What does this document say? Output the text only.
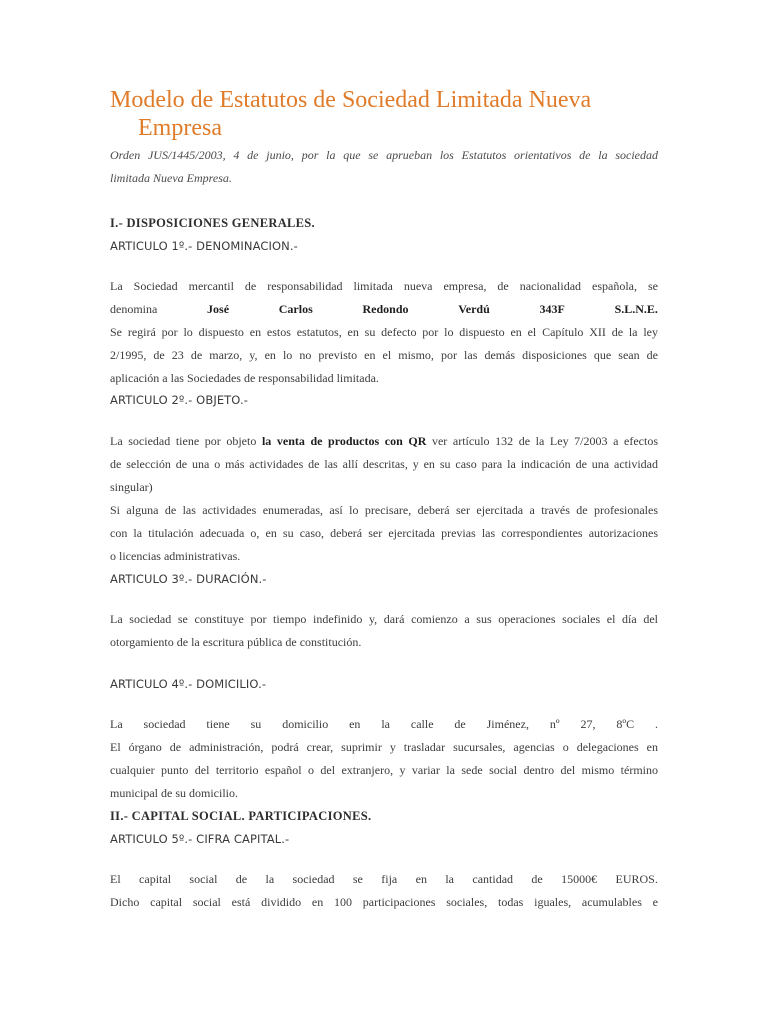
Modelo de Estatutos de Sociedad Limitada Nueva
Empresa

Orden JUS/1445/2003, 4 de junio, por la que se aprueban los Estatutos orientativos de la sociedad
limitada Nueva Empresa.

I.- DISPOSICIONES GENERALES.
ARTICULO 1º.- DENOMINACION.-
La Sociedad mercantil de responsabilidad limitada nueva empresa, de nacionalidad española, se
denomina	José	Carlos	Redondo	Verdú	343F	S.L.N.E.
Se regirá por lo dispuesto en estos estatutos, en su defecto por lo dispuesto en el Capítulo XII de la ley
2/1995, de 23 de marzo, y, en lo no previsto en el mismo, por las demás disposiciones que sean de
aplicación a las Sociedades de responsabilidad limitada.
ARTICULO 2º.- OBJETO.-
La sociedad tiene por objeto la venta de productos con QR ver artículo 132 de la Ley 7/2003 a efectos
de selección de una o más actividades de las allí descritas, y en su caso para la indicación de una actividad
singular)
Si alguna de las actividades enumeradas, así lo precisare, deberá ser ejercitada a través de profesionales
con la titulación adecuada o, en su caso, deberá ser ejercitada previas las correspondientes autorizaciones
o licencias administrativas.
ARTICULO 3º.- DURACIÓN.-
La sociedad se constituye por tiempo indefinido y, dará comienzo a sus operaciones sociales el día del
otorgamiento de la escritura pública de constitución.
ARTICULO 4º.- DOMICILIO.-
La sociedad tiene su domicilio en la calle de Jiménez, nº 27, 8ºC .
El órgano de administración, podrá crear, suprimir y trasladar sucursales, agencias o delegaciones en
cualquier punto del territorio español o del extranjero, y variar la sede social dentro del mismo término
municipal de su domicilio.
II.- CAPITAL SOCIAL. PARTICIPACIONES.
ARTICULO 5º.- CIFRA CAPITAL.-
El capital social de la sociedad se fija en la cantidad de 15000€ EUROS.
Dicho capital social está dividido en 100 participaciones sociales, todas iguales, acumulables e
